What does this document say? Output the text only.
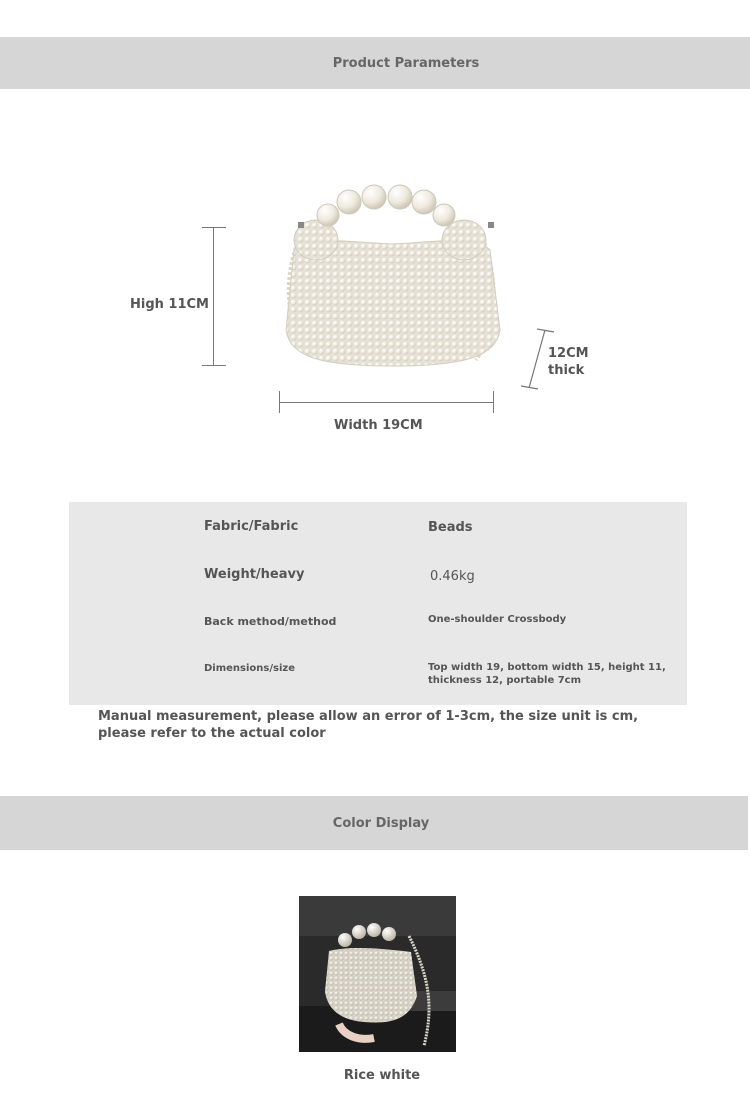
Product Parameters
High 11CM
Width 19CM
12CM
thick
Fabric/Fabric	Beads
Weight/heavy	0.46kg
Back method/method	One-shoulder Crossbody
Dimensions/size	Top width 19, bottom width 15, height 11, thickness 12, portable 7cm
Manual measurement, please allow an error of 1-3cm, the size unit is cm, please refer to the actual color
Color Display
Rice white
